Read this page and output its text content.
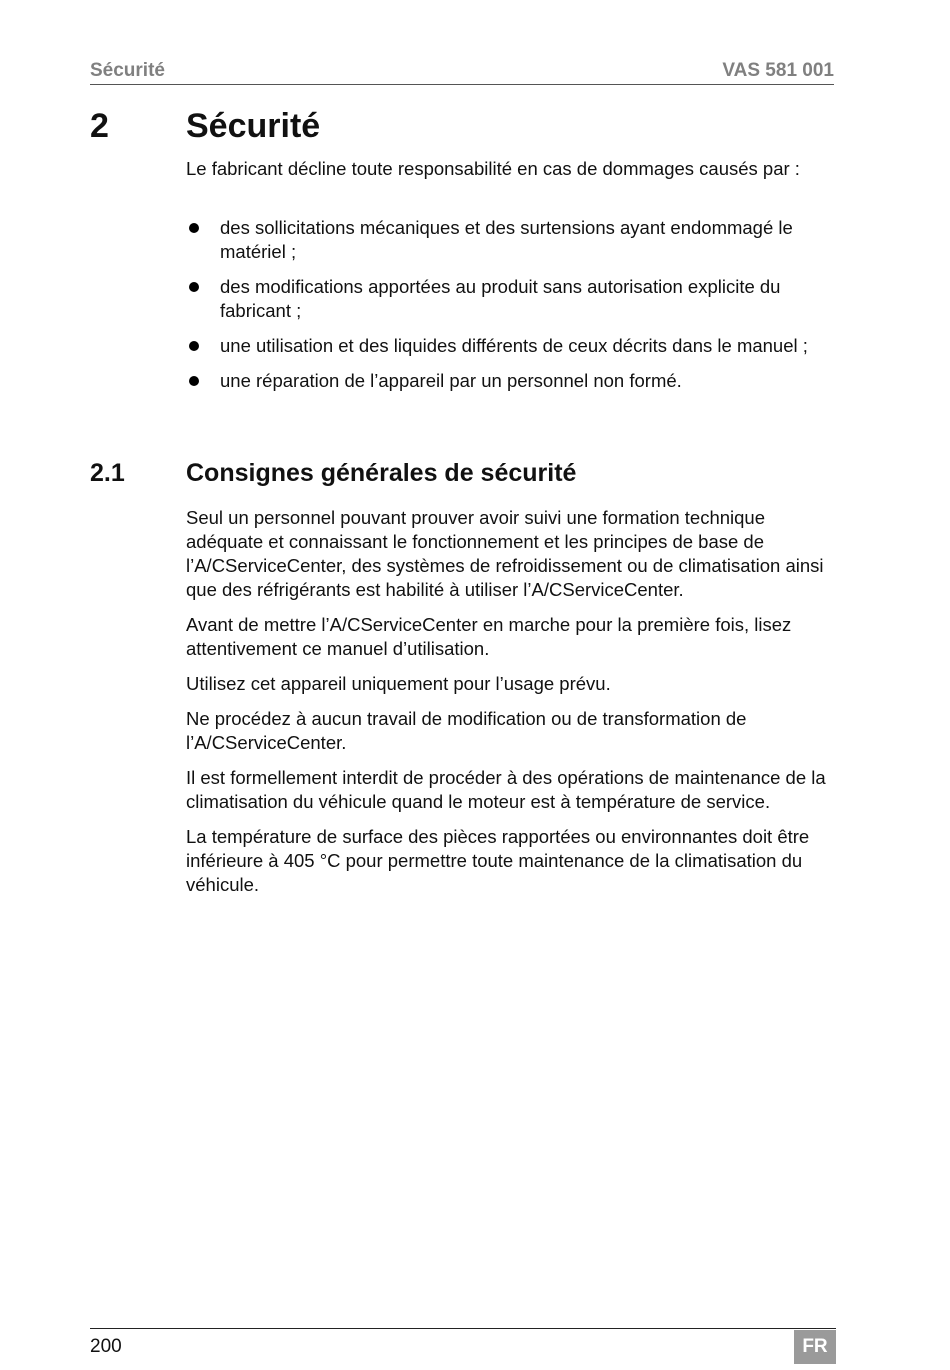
Sécurité	VAS 581 001
2 Sécurité

Le fabricant décline toute responsabilité en cas de dommages causés par :

des sollicitations mécaniques et des surtensions ayant endommagé le matériel ;
des modifications apportées au produit sans autorisation explicite du fabricant ;
une utilisation et des liquides différents de ceux décrits dans le manuel ;
une réparation de l’appareil par un personnel non formé.
2.1 Consignes générales de sécurité

Seul un personnel pouvant prouver avoir suivi une formation technique adéquate et connaissant le fonctionnement et les principes de base de l’A/CServiceCenter, des systèmes de refroidissement ou de climatisation ainsi que des réfrigérants est habilité à utiliser l’A/CServiceCenter.

Avant de mettre l’A/CServiceCenter en marche pour la première fois, lisez attentivement ce manuel d’utilisation.

Utilisez cet appareil uniquement pour l’usage prévu.

Ne procédez à aucun travail de modification ou de transformation de l’A/CServiceCenter.

Il est formellement interdit de procéder à des opérations de maintenance de la climatisation du véhicule quand le moteur est à température de service.

La température de surface des pièces rapportées ou environnantes doit être inférieure à 405 °C pour permettre toute maintenance de la climatisation du véhicule.

200	FR
